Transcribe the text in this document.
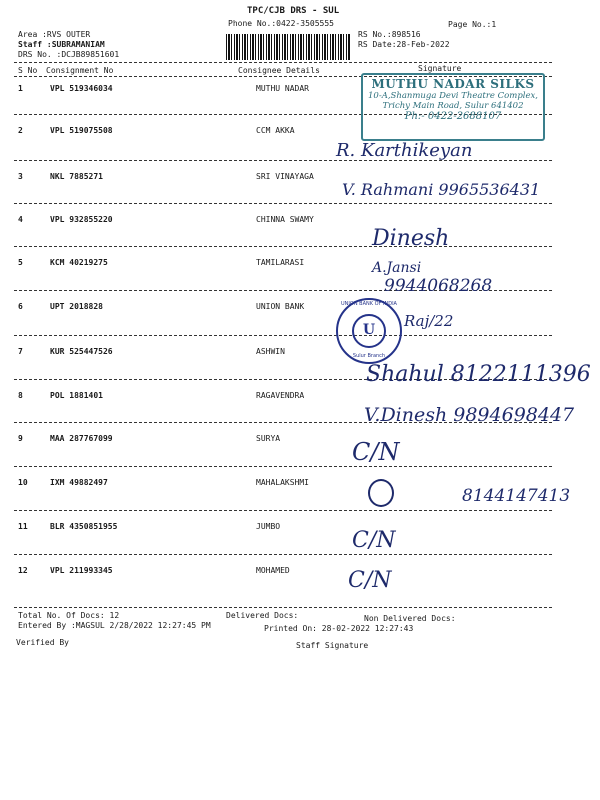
TPC/CJB DRS - SUL
Phone No.:0422-3505555
Area :RVS OUTER
Staff :SUBRAMANIAM
DRS No. :DCJB89851601
RS No.:898516
RS Date:28-Feb-2022
Page No.:1
S No Consignment No	Consignee Details	Signature
1	VPL 519346034	MUTHU NADAR
2	VPL 519075508	CCM AKKA
3	NKL 7885271	SRI VINAYAGA
4	VPL 932855220	CHINNA SWAMY
5	KCM 40219275	TAMILARASI
6	UPT 2018828	UNION BANK
7	KUR 525447526	ASHWIN
8	POL 1881401	RAGAVENDRA
9	MAA 287767099	SURYA
10	IXM 49882497	MAHALAKSHMI
11	BLR 4350851955	JUMBO
12	VPL 211993345	MOHAMED
MUTHU NADAR SILKS
10-A,Shanmuga Devi Theatre Complex,
Trichy Main Road, Sulur 641402
Ph:- 0422-2688107
UNION BANK OF INDIA
U
Sulur Branch
R. Karthikeyan
V. Rahmani 9965536431
Dinesh
A.Jansi
9944068268
Raj/22
Shahul 8122111396
V.Dinesh 9894698447
C/N
8144147413
C/N
C/N
Total No. Of Docs: 12	Delivered Docs:	Non Delivered Docs:
Entered By :MAGSUL 2/28/2022 12:27:45 PM	Printed On: 28-02-2022 12:27:43
Verified By	Staff Signature
